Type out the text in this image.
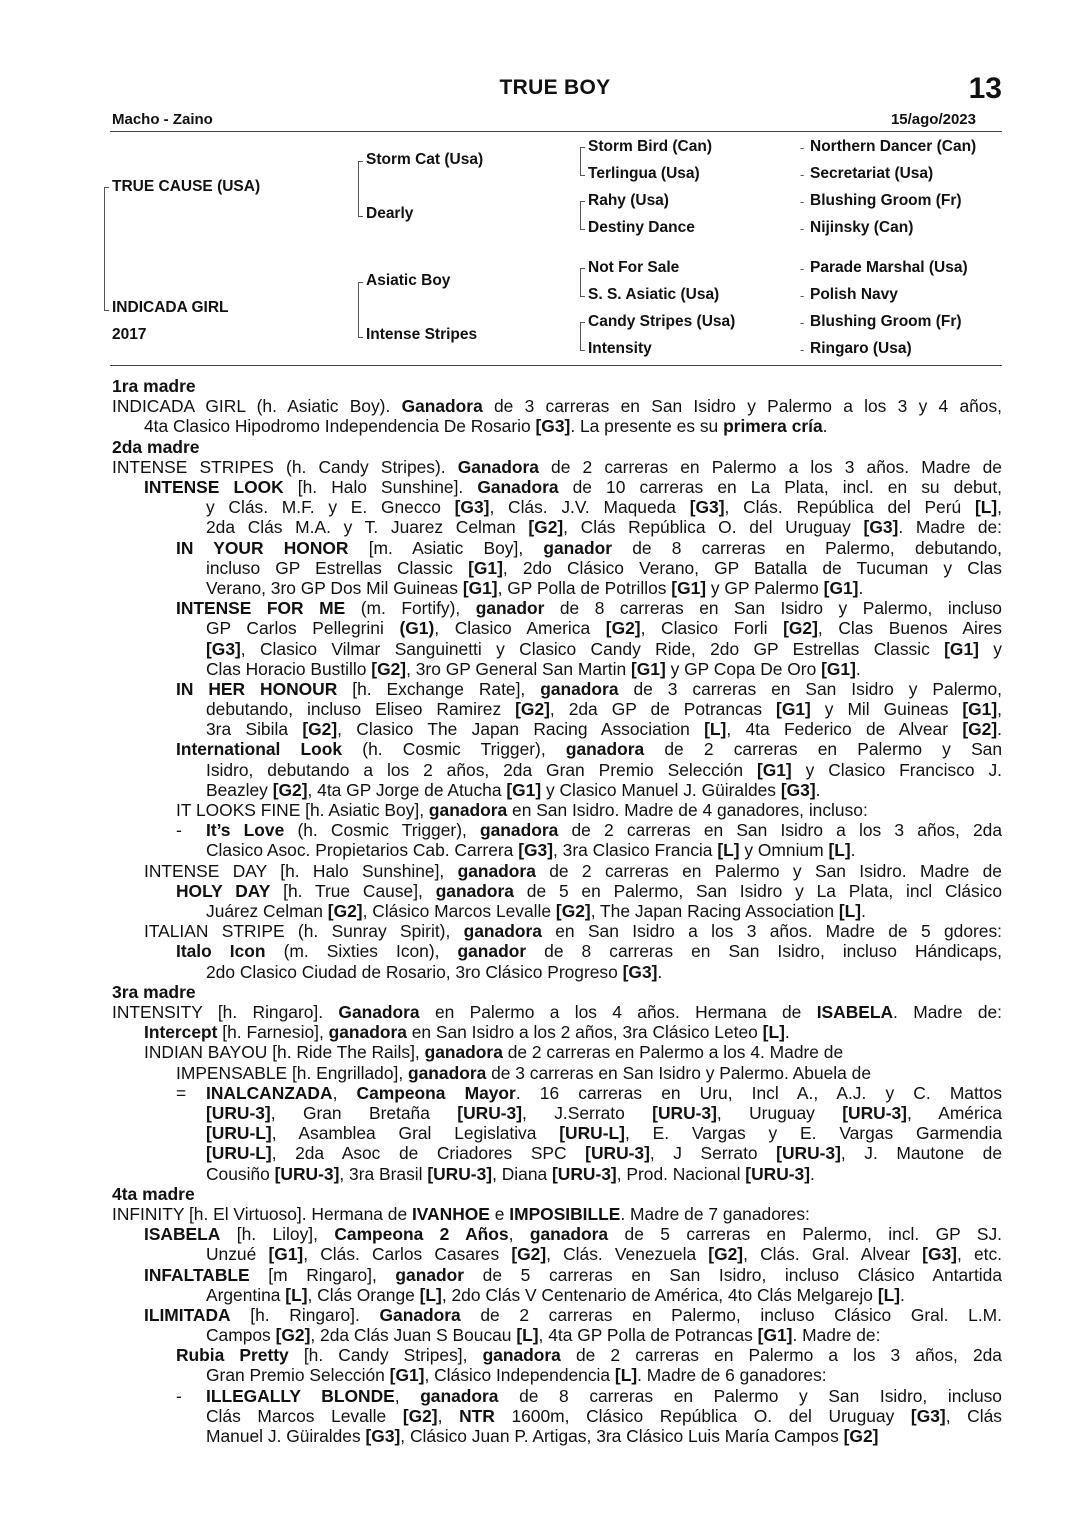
TRUE BOY	13
Macho - Zaino	15/ago/2023
TRUE CAUSE (USA)
INDICADA GIRL
2017
Storm Cat (Usa)
Dearly
Asiatic Boy
Intense Stripes
Storm Bird (Can)
Terlingua (Usa)
Rahy (Usa)
Destiny Dance
Not For Sale
S. S. Asiatic (Usa)
Candy Stripes (Usa)
Intensity
-
-
-
-
-
-
-
-
Northern Dancer (Can)
Secretariat (Usa)
Blushing Groom (Fr)
Nijinsky (Can)
Parade Marshal (Usa)
Polish Navy
Blushing Groom (Fr)
Ringaro (Usa)
1ra madre
INDICADA GIRL (h. Asiatic Boy). Ganadora de 3 carreras en San Isidro y Palermo a los 3 y 4 años,
4ta Clasico Hipodromo Independencia De Rosario [G3]. La presente es su primera cría.
2da madre
INTENSE STRIPES (h. Candy Stripes). Ganadora de 2 carreras en Palermo a los 3 años. Madre de
INTENSE LOOK [h. Halo Sunshine]. Ganadora de 10 carreras en La Plata, incl. en su debut,
y Clás. M.F. y E. Gnecco [G3], Clás. J.V. Maqueda [G3], Clás. República del Perú [L],
2da Clás M.A. y T. Juarez Celman [G2], Clás República O. del Uruguay [G3]. Madre de:
IN YOUR HONOR [m. Asiatic Boy], ganador de 8 carreras en Palermo, debutando,
incluso GP Estrellas Classic [G1], 2do Clásico Verano, GP Batalla de Tucuman y Clas
Verano, 3ro GP Dos Mil Guineas [G1], GP Polla de Potrillos [G1] y GP Palermo [G1].
INTENSE FOR ME (m. Fortify), ganador de 8 carreras en San Isidro y Palermo, incluso
GP Carlos Pellegrini (G1), Clasico America [G2], Clasico Forli [G2], Clas Buenos Aires
[G3], Clasico Vilmar Sanguinetti y Clasico Candy Ride, 2do GP Estrellas Classic [G1] y
Clas Horacio Bustillo [G2], 3ro GP General San Martin [G1] y GP Copa De Oro [G1].
IN HER HONOUR [h. Exchange Rate], ganadora de 3 carreras en San Isidro y Palermo,
debutando, incluso Eliseo Ramirez [G2], 2da GP de Potrancas [G1] y Mil Guineas [G1],
3ra Sibila [G2], Clasico The Japan Racing Association [L], 4ta Federico de Alvear [G2].
International Look (h. Cosmic Trigger), ganadora de 2 carreras en Palermo y San
Isidro, debutando a los 2 años, 2da Gran Premio Selección [G1] y Clasico Francisco J.
Beazley [G2], 4ta GP Jorge de Atucha [G1] y Clasico Manuel J. Güiraldes [G3].
IT LOOKS FINE [h. Asiatic Boy], ganadora en San Isidro. Madre de 4 ganadores, incluso:
- It’s Love (h. Cosmic Trigger), ganadora de 2 carreras en San Isidro a los 3 años, 2da
Clasico Asoc. Propietarios Cab. Carrera [G3], 3ra Clasico Francia [L] y Omnium [L].
INTENSE DAY [h. Halo Sunshine], ganadora de 2 carreras en Palermo y San Isidro. Madre de
HOLY DAY [h. True Cause], ganadora de 5 en Palermo, San Isidro y La Plata, incl Clásico
Juárez Celman [G2], Clásico Marcos Levalle [G2], The Japan Racing Association [L].
ITALIAN STRIPE (h. Sunray Spirit), ganadora en San Isidro a los 3 años. Madre de 5 gdores:
Italo Icon (m. Sixties Icon), ganador de 8 carreras en San Isidro, incluso Hándicaps,
2do Clasico Ciudad de Rosario, 3ro Clásico Progreso [G3].
3ra madre
INTENSITY [h. Ringaro]. Ganadora en Palermo a los 4 años. Hermana de ISABELA. Madre de:
Intercept [h. Farnesio], ganadora en San Isidro a los 2 años, 3ra Clásico Leteo [L].
INDIAN BAYOU [h. Ride The Rails], ganadora de 2 carreras en Palermo a los 4. Madre de
IMPENSABLE [h. Engrillado], ganadora de 3 carreras en San Isidro y Palermo. Abuela de
= INALCANZADA, Campeona Mayor. 16 carreras en Uru, Incl A., A.J. y C. Mattos
[URU-3], Gran Bretaña [URU-3], J.Serrato [URU-3], Uruguay [URU-3], América
[URU-L], Asamblea Gral Legislativa [URU-L], E. Vargas y E. Vargas Garmendia
[URU-L], 2da Asoc de Criadores SPC [URU-3], J Serrato [URU-3], J. Mautone de
Cousiño [URU-3], 3ra Brasil [URU-3], Diana [URU-3], Prod. Nacional [URU-3].
4ta madre
INFINITY [h. El Virtuoso]. Hermana de IVANHOE e IMPOSIBILLE. Madre de 7 ganadores:
ISABELA [h. Liloy], Campeona 2 Años, ganadora de 5 carreras en Palermo, incl. GP SJ.
Unzué [G1], Clás. Carlos Casares [G2], Clás. Venezuela [G2], Clás. Gral. Alvear [G3], etc.
INFALTABLE [m Ringaro], ganador de 5 carreras en San Isidro, incluso Clásico Antartida
Argentina [L], Clás Orange [L], 2do Clás V Centenario de América, 4to Clás Melgarejo [L].
ILIMITADA [h. Ringaro]. Ganadora de 2 carreras en Palermo, incluso Clásico Gral. L.M.
Campos [G2], 2da Clás Juan S Boucau [L], 4ta GP Polla de Potrancas [G1]. Madre de:
Rubia Pretty [h. Candy Stripes], ganadora de 2 carreras en Palermo a los 3 años, 2da
Gran Premio Selección [G1], Clásico Independencia [L]. Madre de 6 ganadores:
- ILLEGALLY BLONDE, ganadora de 8 carreras en Palermo y San Isidro, incluso
Clás Marcos Levalle [G2], NTR 1600m, Clásico República O. del Uruguay [G3], Clás
Manuel J. Güiraldes [G3], Clásico Juan P. Artigas, 3ra Clásico Luis María Campos [G2]
